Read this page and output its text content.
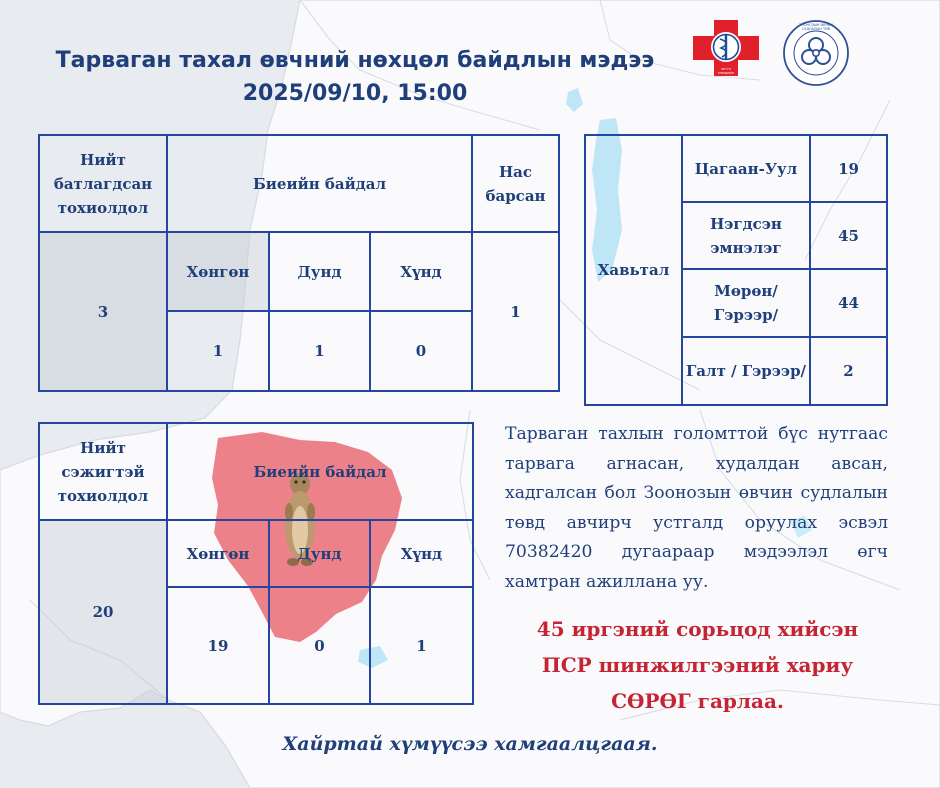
Тарваган тахал өвчний нөхцөл байдлын мэдээ
2025/09/10, 15:00
ЭРҮҮЛ МЭНДИЙН ГАЗАР
ЗООНОЗЫН ӨВЧИН СУДЛАЛЫН ТӨВ
Нийт батлагдсан тохиолдол	Биеийн байдал			Нас барсан
3	Хөнгөн	Дунд	Хүнд	1
	1	1	0	
Хавьтал	Цагаан-Уул	19
	Нэгдсэн эмнэлэг	45
	Мөрөн/ Гэрээр/	44
	Галт / Гэрээр/	2
Нийт сэжигтэй тохиолдол	Биеийн байдал		
20	Хөнгөн	Дунд	Хүнд
	19	0	1
Тарваган тахлын голомттой бүс нутгаас тарвага агнасан, худалдан авсан, хадгалсан бол Зоонозын өвчин судлалын төвд авчирч устгалд оруулах эсвэл 70382420 дугаараар мэдээлэл өгч хамтран ажиллана уу.
45 иргэний сорьцод хийсэн
ПСР шинжилгээний хариу
СӨРӨГ гарлаа.
Хайртай хүмүүсээ хамгаалцгаая.
